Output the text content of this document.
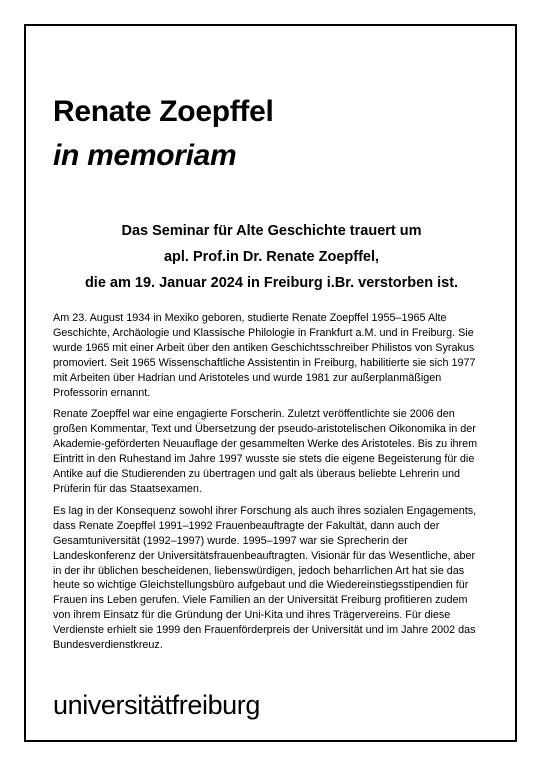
Renate Zoepffel
in memoriam

Das Seminar für Alte Geschichte trauert um

apl. Prof.in Dr. Renate Zoepffel,

die am 19. Januar 2024 in Freiburg i.Br. verstorben ist.

Am 23. August 1934 in Mexiko geboren, studierte Renate Zoepffel 1955–1965 Alte
Geschichte, Archäologie und Klassische Philologie in Frankfurt a.M. und in Freiburg. Sie
wurde 1965 mit einer Arbeit über den antiken Geschichtsschreiber Philistos von Syrakus
promoviert. Seit 1965 Wissenschaftliche Assistentin in Freiburg, habilitierte sie sich 1977
mit Arbeiten über Hadrian und Aristoteles und wurde 1981 zur außerplanmäßigen
Professorin ernannt.

Renate Zoepffel war eine engagierte Forscherin. Zuletzt veröffentlichte sie 2006 den
großen Kommentar, Text und Übersetzung der pseudo-aristotelischen Oikonomika in der
Akademie-geförderten Neuauflage der gesammelten Werke des Aristoteles. Bis zu ihrem
Eintritt in den Ruhestand im Jahre 1997 wusste sie stets die eigene Begeisterung für die
Antike auf die Studierenden zu übertragen und galt als überaus beliebte Lehrerin und
Prüferin für das Staatsexamen.

Es lag in der Konsequenz sowohl ihrer Forschung als auch ihres sozialen Engagements,
dass Renate Zoepffel 1991–1992 Frauenbeauftragte der Fakultät, dann auch der
Gesamtuniversität (1992–1997) wurde. 1995–1997 war sie Sprecherin der
Landeskonferenz der Universitätsfrauenbeauftragten. Visionär für das Wesentliche, aber
in der ihr üblichen bescheidenen, liebenswürdigen, jedoch beharrlichen Art hat sie das
heute so wichtige Gleichstellungsbüro aufgebaut und die Wiedereinstiegsstipendien für
Frauen ins Leben gerufen. Viele Familien an der Universität Freiburg profitieren zudem
von ihrem Einsatz für die Gründung der Uni-Kita und ihres Trägervereins. Für diese
Verdienste erhielt sie 1999 den Frauenförderpreis der Universität und im Jahre 2002 das
Bundesverdienstkreuz.

universitätfreiburg
